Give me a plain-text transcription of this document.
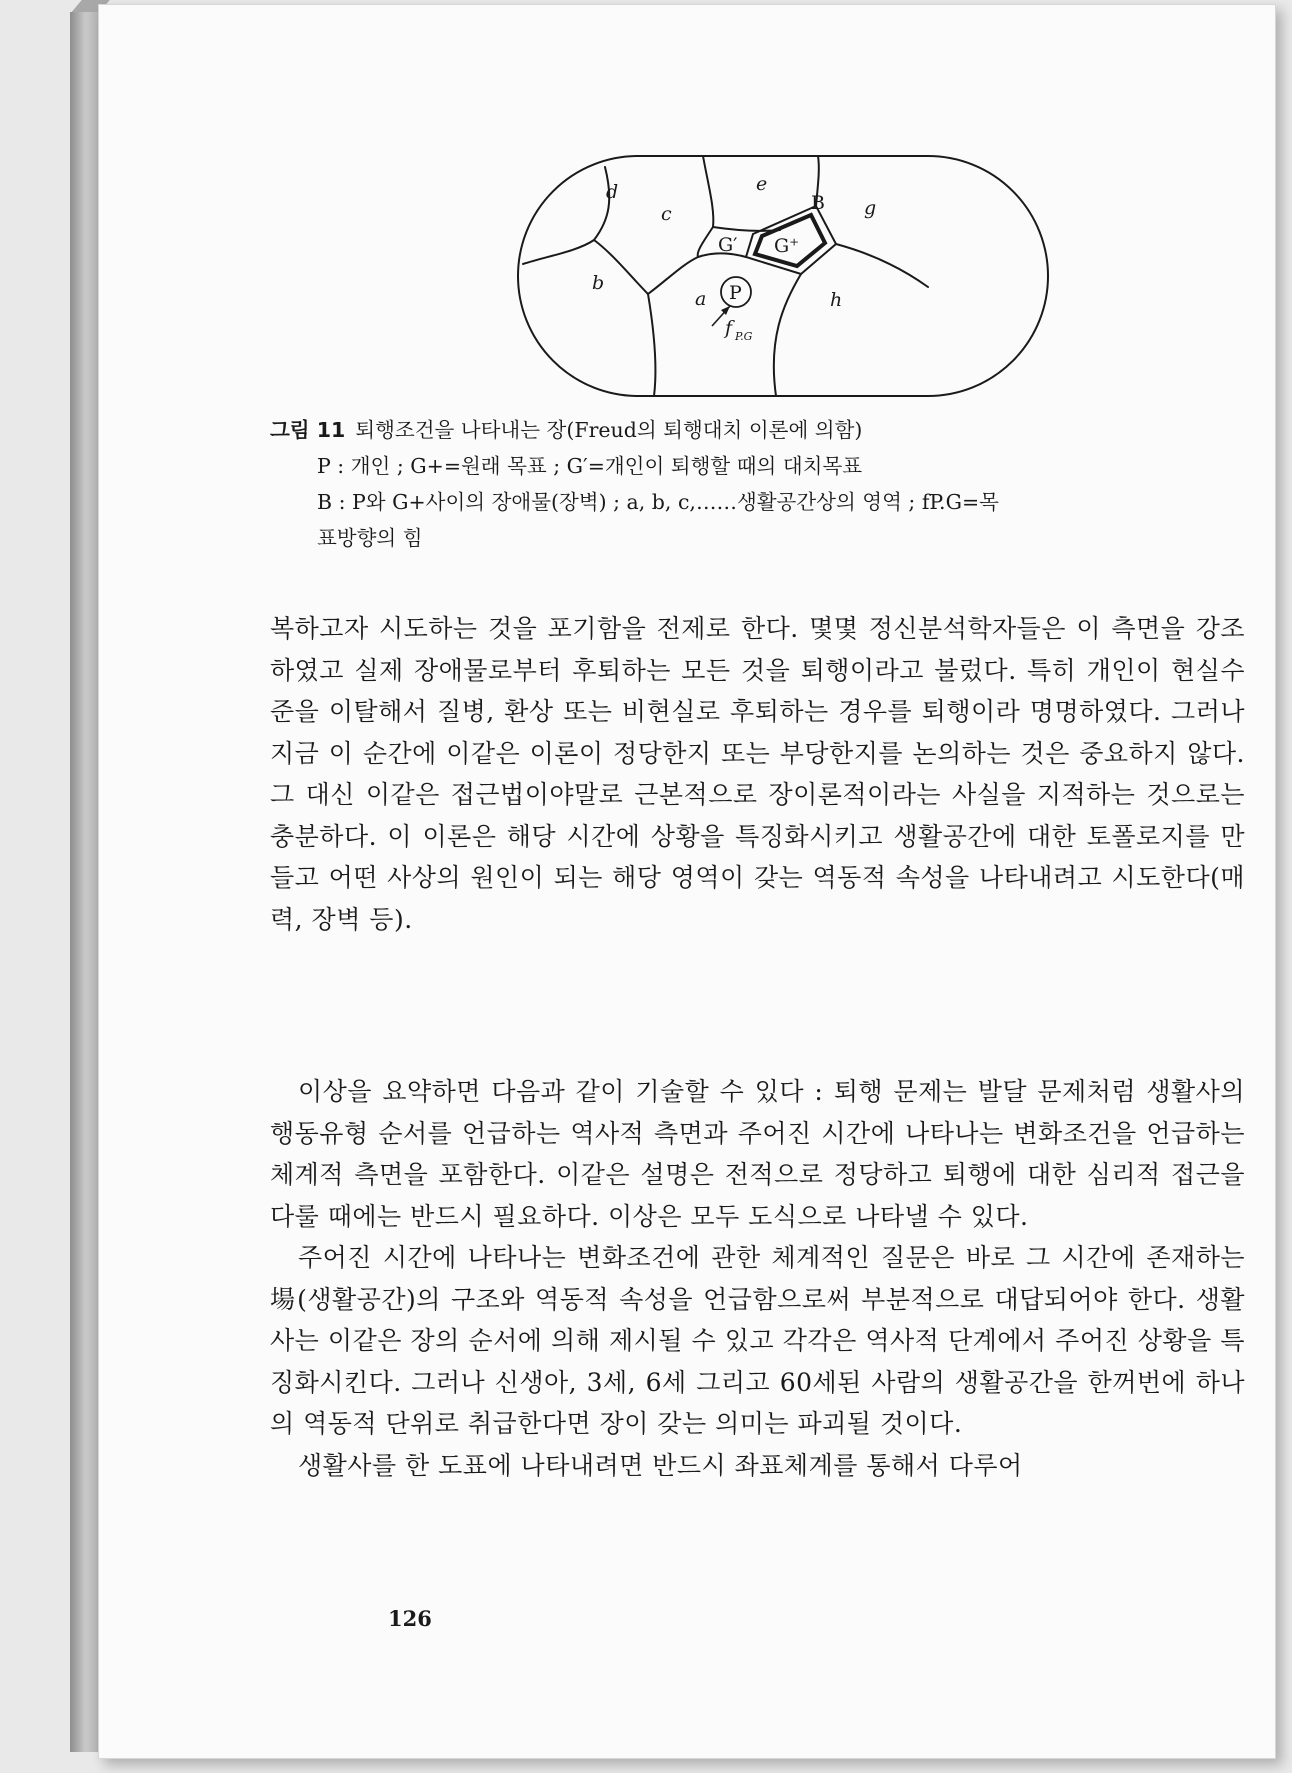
d
c
e
B g
G′ G⁺
b
a P	h
f P.G
그림 11 퇴행조건을 나타내는 장(Freud의 퇴행대치 이론에 의함)
P : 개인 ; G+=원래 목표 ; G′=개인이 퇴행할 때의 대치목표
B : P와 G+사이의 장애물(장벽) ; a, b, c,……생활공간상의 영역 ; fP.G=목
표방향의 힘

복하고자 시도하는 것을 포기함을 전제로 한다. 몇몇 정신분석학자들은 이 측면을 강조하였고 실제 장애물로부터 후퇴하는 모든 것을 퇴행이라고 불렀다. 특히 개인이 현실수준을 이탈해서 질병, 환상 또는 비현실로 후퇴하는 경우를 퇴행이라 명명하였다. 그러나 지금 이 순간에 이같은 이론이 정당한지 또는 부당한지를 논의하는 것은 중요하지 않다. 그 대신 이같은 접근법이야말로 근본적으로 장이론적이라는 사실을 지적하는 것으로는 충분하다. 이 이론은 해당 시간에 상황을 특징화시키고 생활공간에 대한 토폴로지를 만들고 어떤 사상의 원인이 되는 해당 영역이 갖는 역동적 속성을 나타내려고 시도한다(매력, 장벽 등).

이상을 요약하면 다음과 같이 기술할 수 있다 : 퇴행 문제는 발달 문제처럼 생활사의 행동유형 순서를 언급하는 역사적 측면과 주어진 시간에 나타나는 변화조건을 언급하는 체계적 측면을 포함한다. 이같은 설명은 전적으로 정당하고 퇴행에 대한 심리적 접근을 다룰 때에는 반드시 필요하다. 이상은 모두 도식으로 나타낼 수 있다.

주어진 시간에 나타나는 변화조건에 관한 체계적인 질문은 바로 그 시간에 존재하는 場(생활공간)의 구조와 역동적 속성을 언급함으로써 부분적으로 대답되어야 한다. 생활사는 이같은 장의 순서에 의해 제시될 수 있고 각각은 역사적 단계에서 주어진 상황을 특징화시킨다. 그러나 신생아, 3세, 6세 그리고 60세된 사람의 생활공간을 한꺼번에 하나의 역동적 단위로 취급한다면 장이 갖는 의미는 파괴될 것이다.

생활사를 한 도표에 나타내려면 반드시 좌표체계를 통해서 다루어

126
